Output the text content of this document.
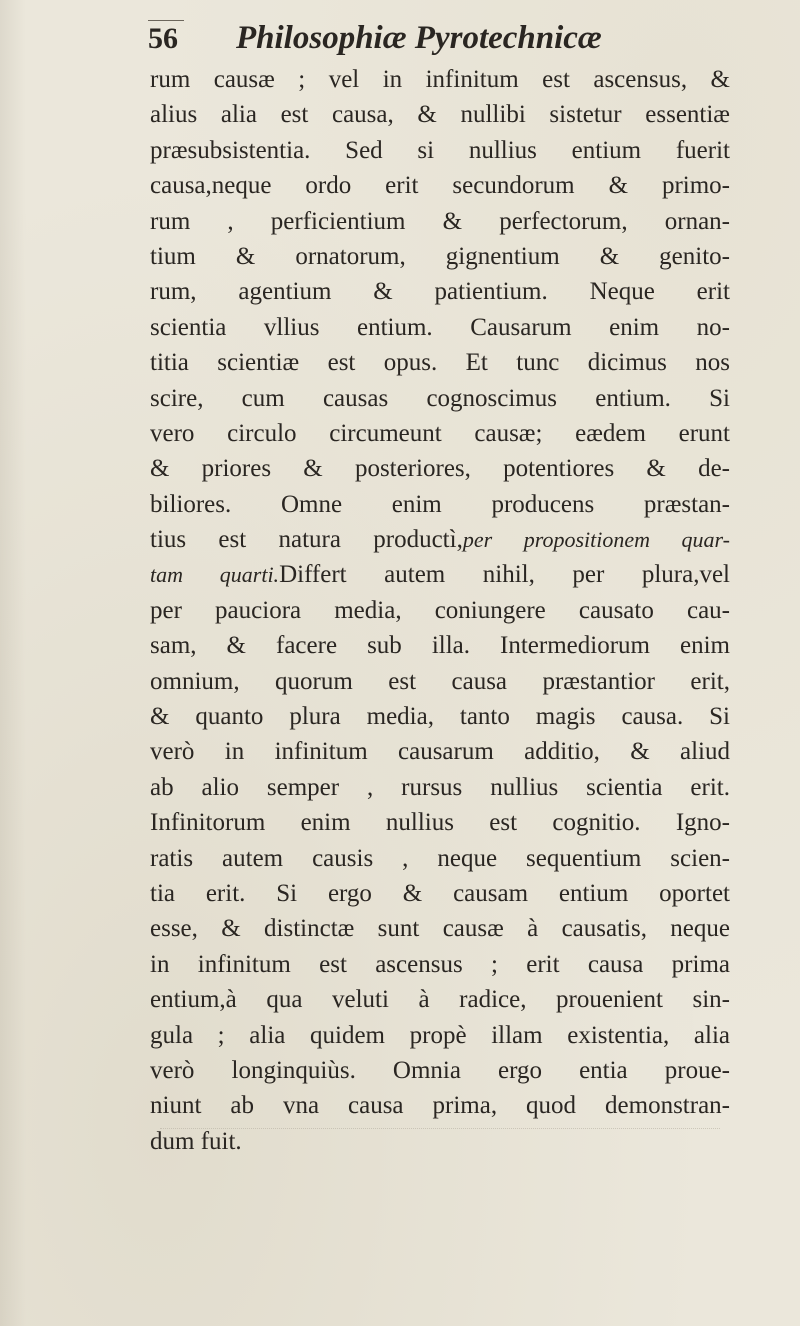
56 Philosophiæ Pyrotechnicæ
rum causæ ; vel in infinitum est ascensus, &
alius alia est causa, & nullibi sistetur essentiæ
præsubsistentia. Sed si nullius entium fuerit
causa,neque ordo erit secundorum & primo-
rum , perficientium & perfectorum, ornan-
tium & ornatorum, gignentium & genito-
rum, agentium & patientium. Neque erit
scientia vllius entium. Causarum enim no-
titia scientiæ est opus. Et tunc dicimus nos
scire, cum causas cognoscimus entium. Si
vero circulo circumeunt causæ; eædem erunt
& priores & posteriores, potentiores & de-
biliores. Omne enim producens præstan-
tius est natura productì,per propositionem quar-
tam quarti.Differt autem nihil, per plura,vel
per pauciora media, coniungere causato cau-
sam, & facere sub illa. Intermediorum enim
omnium, quorum est causa præstantior erit,
& quanto plura media, tanto magis causa. Si
verò in infinitum causarum additio, & aliud
ab alio semper , rursus nullius scientia erit.
Infinitorum enim nullius est cognitio. Igno-
ratis autem causis , neque sequentium scien-
tia erit. Si ergo & causam entium oportet
esse, & distinctæ sunt causæ à causatis, neque
in infinitum est ascensus ; erit causa prima
entium,à qua veluti à radice, prouenient sin-
gula ; alia quidem propè illam existentia, alia
verò longinquiùs. Omnia ergo entia proue-
niunt ab vna causa prima, quod demonstran-
dum fuit.
